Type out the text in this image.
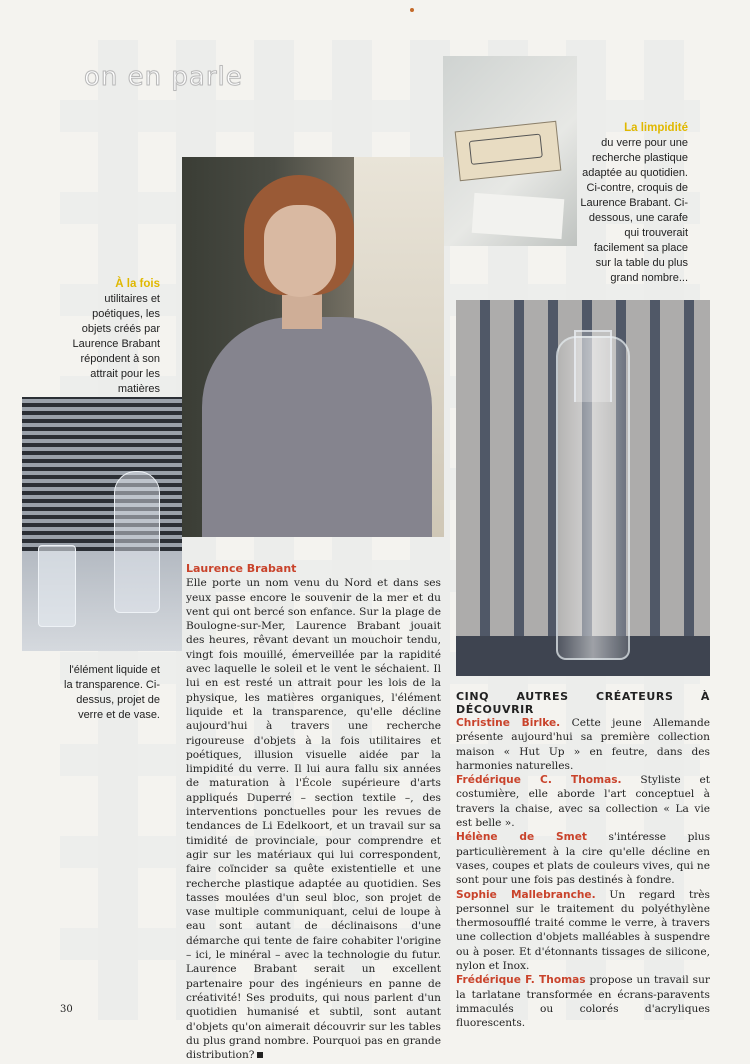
on en parle
La limpidité
du verre pour une recherche plastique adaptée au quotidien. Ci-contre, croquis de Laurence Brabant. Ci-dessous, une carafe qui trouverait facilement sa place sur la table du plus grand nombre...
À la fois
utilitaires et poétiques, les objets créés par Laurence Brabant répondent à son attrait pour les matières
l'élément liquide et la transparence. Ci-dessus, projet de verre et de vase.
Laurence Brabant
Elle porte un nom venu du Nord et dans ses yeux passe encore le souvenir de la mer et du vent qui ont bercé son enfance. Sur la plage de Boulogne-sur-Mer, Laurence Brabant jouait des heures, rêvant devant un mouchoir tendu, vingt fois mouillé, émerveillée par la rapidité avec laquelle le soleil et le vent le séchaient. Il lui en est resté un attrait pour les lois de la physique, les matières organiques, l'élément liquide et la transparence, qu'elle décline aujourd'hui à travers une recherche rigoureuse d'objets à la fois utilitaires et poétiques, illusion visuelle aidée par la limpidité du verre. Il lui aura fallu six années de maturation à l'École supérieure d'arts appliqués Duperré – section textile –, des interventions ponctuelles pour les revues de tendances de Li Edelkoort, et un travail sur sa timidité de provinciale, pour comprendre et agir sur les matériaux qui lui correspondent, faire coïncider sa quête existentielle et une recherche plastique adaptée au quotidien. Ses tasses moulées d'un seul bloc, son projet de vase multiple communiquant, celui de loupe à eau sont autant de déclinaisons d'une démarche qui tente de faire cohabiter l'origine – ici, le minéral – avec la technologie du futur. Laurence Brabant serait un excellent partenaire pour des ingénieurs en panne de créativité! Ses produits, qui nous parlent d'un quotidien humanisé et subtil, sont autant d'objets qu'on aimerait découvrir sur les tables du plus grand nombre. Pourquoi pas en grande distribution?
CINQ AUTRES CRÉATEURS À DÉCOUVRIR

Christine Birlke. Cette jeune Allemande présente aujourd'hui sa première collection maison « Hut Up » en feutre, dans des harmonies naturelles.

Frédérique C. Thomas. Styliste et costumière, elle aborde l'art conceptuel à travers la chaise, avec sa collection « La vie est belle ».

Hélène de Smet s'intéresse plus particulièrement à la cire qu'elle décline en vases, coupes et plats de couleurs vives, qui ne sont pour une fois pas destinés à fondre.

Sophie Mallebranche. Un regard très personnel sur le traitement du polyéthylène thermosoufflé traité comme le verre, à travers une collection d'objets malléables à suspendre ou à poser. Et d'étonnants tissages de silicone, nylon et Inox.

Frédérique F. Thomas propose un travail sur la tarlatane transformée en écrans-paravents immaculés ou colorés d'acryliques fluorescents.

30
